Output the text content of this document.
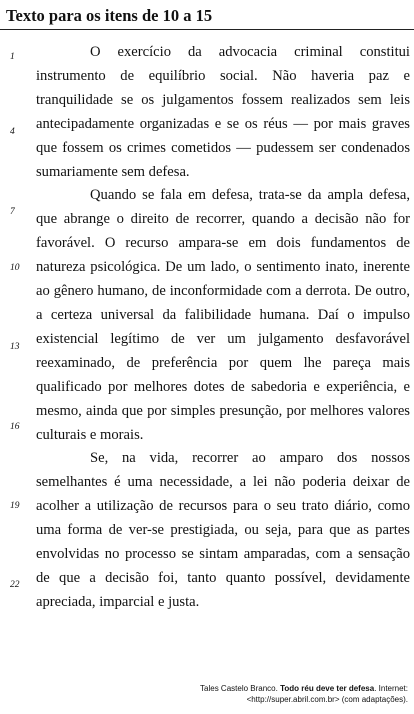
Texto para os itens de 10 a 15
1
4
7
10
13
16
19
22

O exercício da advocacia criminal constitui instrumento de equilíbrio social. Não haveria paz e tranquilidade se os julgamentos fossem realizados sem leis antecipadamente organizadas e se os réus — por mais graves que fossem os crimes cometidos — pudessem ser condenados sumariamente sem defesa.

Quando se fala em defesa, trata-se da ampla defesa, que abrange o direito de recorrer, quando a decisão não for favorável. O recurso ampara-se em dois fundamentos de natureza psicológica. De um lado, o sentimento inato, inerente ao gênero humano, de inconformidade com a derrota. De outro, a certeza universal da falibilidade humana. Daí o impulso existencial legítimo de ver um julgamento desfavorável reexaminado, de preferência por quem lhe pareça mais qualificado por melhores dotes de sabedoria e experiência, e mesmo, ainda que por simples presunção, por melhores valores culturais e morais.

Se, na vida, recorrer ao amparo dos nossos semelhantes é uma necessidade, a lei não poderia deixar de acolher a utilização de recursos para o seu trato diário, como uma forma de ver-se prestigiada, ou seja, para que as partes envolvidas no processo se sintam amparadas, com a sensação de que a decisão foi, tanto quanto possível, devidamente apreciada, imparcial e justa.

Tales Castelo Branco. Todo réu deve ter defesa. Internet:
<http://super.abril.com.br> (com adaptações).
